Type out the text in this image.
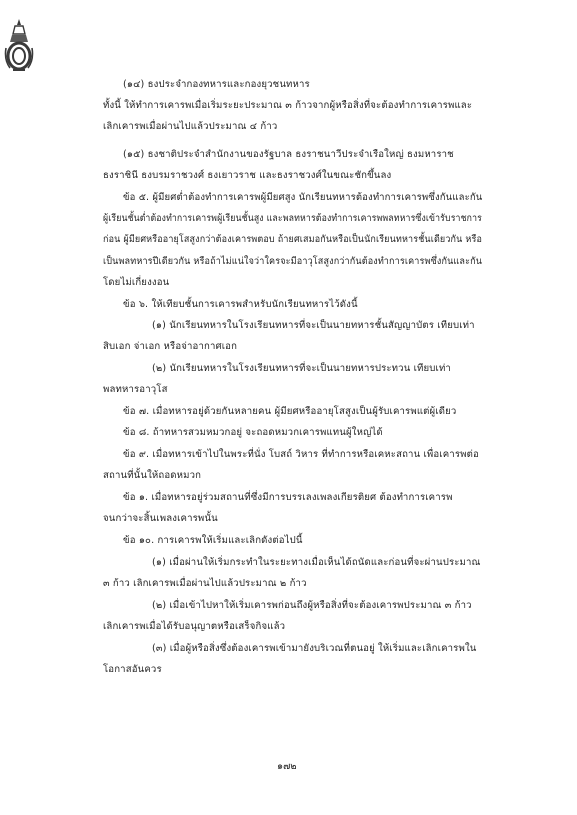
(๑๔) ธงประจำกองทหารและกองยุวชนทหาร
ทั้งนี้ ให้ทำการเคารพเมื่อเริ่มระยะประมาณ ๓ ก้าวจากผู้หรือสิ่งที่จะต้องทำการเคารพและ
เลิกเคารพเมื่อผ่านไปแล้วประมาณ ๔ ก้าว
(๑๕) ธงชาติประจำสำนักงานของรัฐบาล ธงราชนาวีประจำเรือใหญ่ ธงมหาราช
ธงราชินี ธงบรมราชวงศ์ ธงเยาวราช และธงราชวงศ์ในขณะชักขึ้นลง
ข้อ ๕. ผู้มียศต่ำต้องทำการเคารพผู้มียศสูง นักเรียนทหารต้องทำการเคารพซึ่งกันและกัน
ผู้เรียนชั้นต่ำต้องทำการเคารพผู้เรียนชั้นสูง และพลทหารต้องทำการเคารพพลทหารซึ่งเข้ารับราชการ
ก่อน ผู้มียศหรืออายุโสสูงกว่าต้องเคารพตอบ ถ้ายศเสมอกันหรือเป็นนักเรียนทหารชั้นเดียวกัน หรือ
เป็นพลทหารปีเดียวกัน หรือถ้าไม่แน่ใจว่าใครจะมีอาวุโสสูงกว่ากันต้องทำการเคารพซึ่งกันและกัน
โดยไม่เกี่ยงงอน
ข้อ ๖. ให้เทียบชั้นการเคารพสำหรับนักเรียนทหารไว้ดังนี้
(๑) นักเรียนทหารในโรงเรียนทหารที่จะเป็นนายทหารชั้นสัญญาบัตร เทียบเท่า
สิบเอก จ่าเอก หรือจ่าอากาศเอก
(๒) นักเรียนทหารในโรงเรียนทหารที่จะเป็นนายทหารประทวน เทียบเท่า
พลทหารอาวุโส
ข้อ ๗. เมื่อทหารอยู่ด้วยกันหลายคน ผู้มียศหรืออายุโสสูงเป็นผู้รับเคารพแต่ผู้เดียว
ข้อ ๘. ถ้าทหารสวมหมวกอยู่ จะถอดหมวกเคารพแทนผู้ใหญ่ได้
ข้อ ๙. เมื่อทหารเข้าไปในพระที่นั่ง โบสถ์ วิหาร ที่ทำการหรือเคหะสถาน เพื่อเคารพต่อ
สถานที่นั้นให้ถอดหมวก
ข้อ ๑. เมื่อทหารอยู่ร่วมสถานที่ซึ่งมีการบรรเลงเพลงเกียรติยศ ต้องทำการเคารพ
จนกว่าจะสิ้นเพลงเคารพนั้น
ข้อ ๑๐. การเคารพให้เริ่มและเลิกดังต่อไปนี้
(๑) เมื่อผ่านให้เริ่มกระทำในระยะทางเมื่อเห็นได้ถนัดและก่อนที่จะผ่านประมาณ
๓ ก้าว เลิกเคารพเมื่อผ่านไปแล้วประมาณ ๒ ก้าว
(๒) เมื่อเข้าไปหาให้เริ่มเคารพก่อนถึงผู้หรือสิ่งที่จะต้องเคารพประมาณ ๓ ก้าว
เลิกเคารพเมื่อได้รับอนุญาตหรือเสร็จกิจแล้ว
(๓) เมื่อผู้หรือสิ่งซึ่งต้องเคารพเข้ามายังบริเวณที่ตนอยู่ ให้เริ่มและเลิกเคารพใน
โอกาสอันควร
๑๗๒
